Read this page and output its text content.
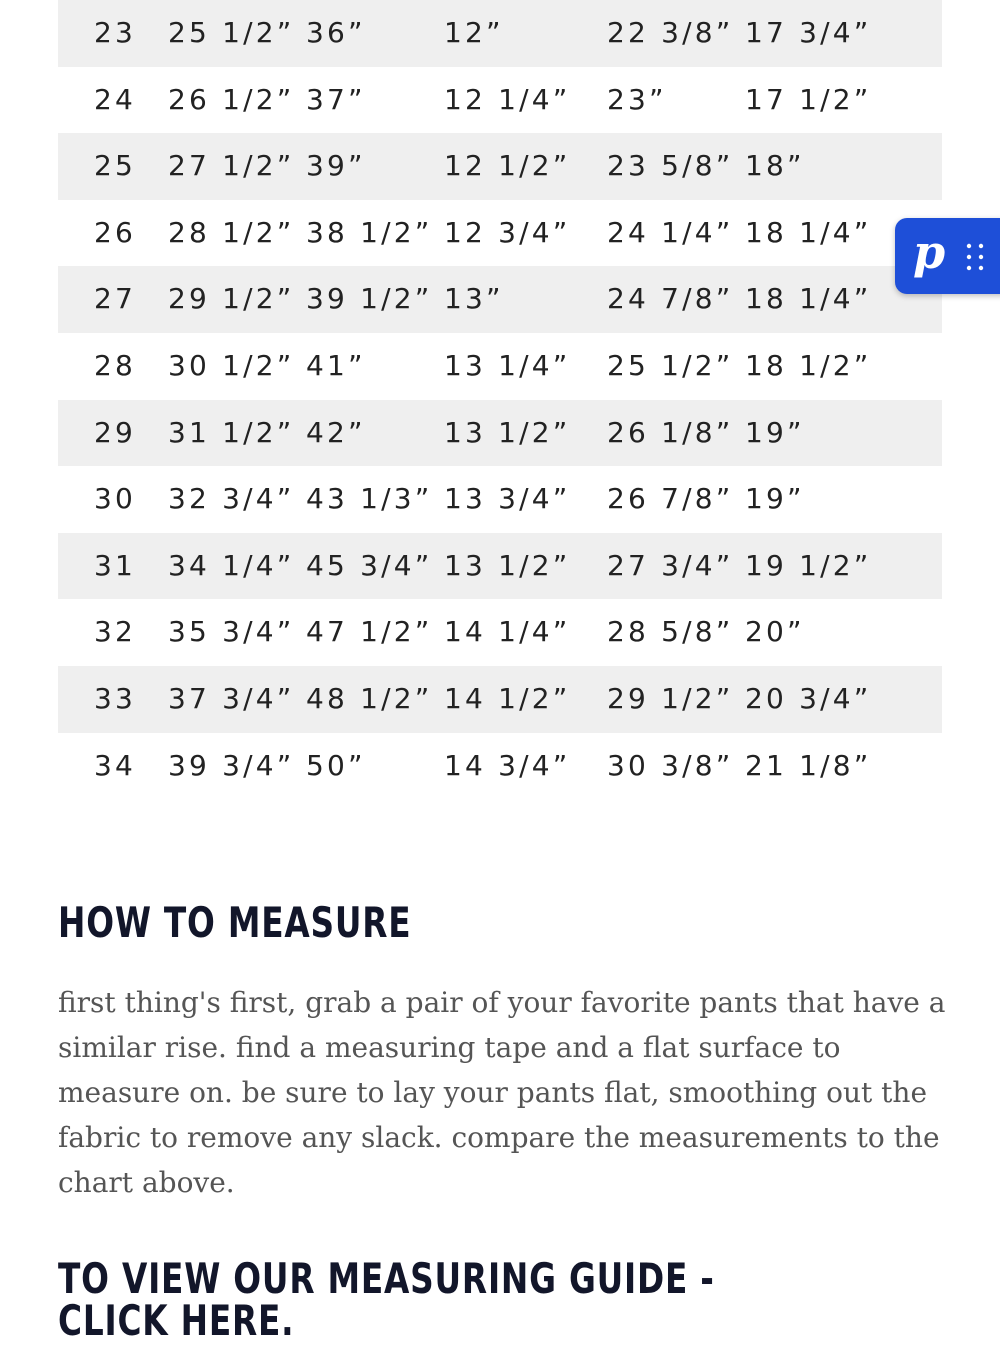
23 25 1/2” 36”	12”	22 3/8” 17 3/4”
24 26 1/2” 37”	12 1/4” 23”	17 1/2”
25 27 1/2” 39”	12 1/2” 23 5/8” 18”
26 28 1/2” 38 1/2” 12 3/4” 24 1/4” 18 1/4”
27 29 1/2” 39 1/2” 13”	24 7/8” 18 1/4”
28 30 1/2” 41”	13 1/4” 25 1/2” 18 1/2”
29 31 1/2” 42”	13 1/2” 26 1/8” 19”
30 32 3/4” 43 1/3” 13 3/4” 26 7/8” 19”
31 34 1/4” 45 3/4” 13 1/2” 27 3/4” 19 1/2”
32 35 3/4” 47 1/2” 14 1/4” 28 5/8” 20”
33 37 3/4” 48 1/2” 14 1/2” 29 1/2” 20 3/4”
34 39 3/4” 50”	14 3/4” 30 3/8” 21 1/8”
HOW TO MEASURE

first thing's first, grab a pair of your favorite pants that have a similar rise. find a measuring tape and a flat surface to measure on. be sure to lay your pants flat, smoothing out the fabric to remove any slack. compare the measurements to the chart above.

TO VIEW OUR MEASURING GUIDE -
CLICK HERE.
p
